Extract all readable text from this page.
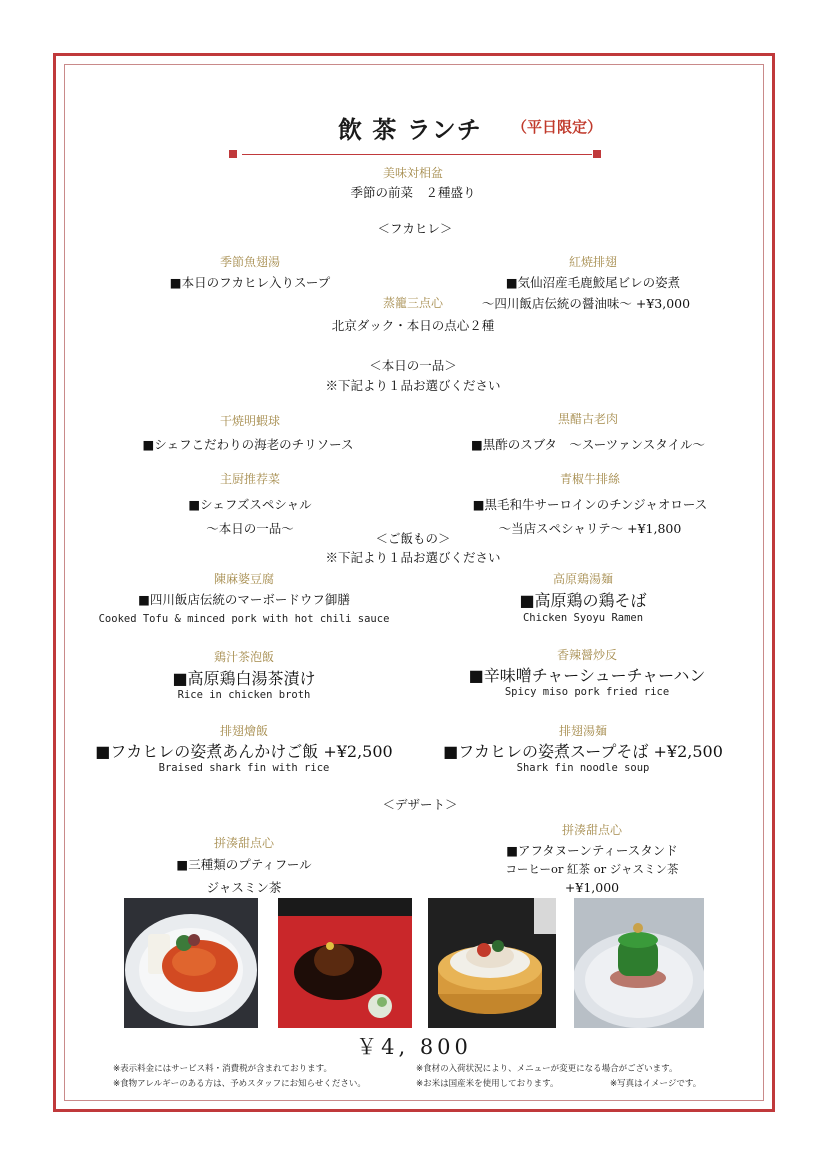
飲 茶 ランチ （平日限定）
美味対相盆
季節の前菜　２種盛り
＜フカヒレ＞
季節魚翅湯
■本日のフカヒレ入りスープ
紅焼排翅
■気仙沼産毛鹿鮫尾ビレの姿煮
蒸籠三点心	～四川飯店伝統の醤油味～ +¥3,000
北京ダック・本日の点心２種
＜本日の一品＞
※下記より１品お選びください
干焼明蝦球
■シェフこだわりの海老のチリソース
黒醋古老肉
■黒酢のスブタ　～スーツァンスタイル～
主厨推荐菜
■シェフズスペシャル
～本日の一品～
青椒牛排絲
■黒毛和牛サーロインのチンジャオロース
～当店スペシャリテ～ +¥1,800
＜ご飯もの＞
※下記より１品お選びください
陳麻婆豆腐
■四川飯店伝統のマーボードウフ御膳
Cooked Tofu & minced pork with hot chili sauce
高原鶏湯麺
■高原鶏の鶏そば
Chicken Syoyu Ramen
鶏汁茶泡飯
■高原鶏白湯茶漬け
Rice in chicken broth
香辣醤炒反
■辛味噌チャーシューチャーハン
Spicy miso pork fried rice
排翅燴飯
■フカヒレの姿煮あんかけご飯 +¥2,500
Braised shark fin with rice
排翅湯麺
■フカヒレの姿煮スープそば +¥2,500
Shark fin noodle soup
＜デザート＞
拼湊甜点心
■三種類のプティフール
ジャスミン茶
拼湊甜点心
■アフタヌーンティースタンド
コーヒーor 紅茶 or ジャスミン茶
+¥1,000
￥4, 800
※表示料金にはサービス料・消費税が含まれております。
※食物アレルギーのある方は、予めスタッフにお知らせください。
※食材の入荷状況により、メニューが変更になる場合がございます。
※お米は国産米を使用しております。	※写真はイメージです。
